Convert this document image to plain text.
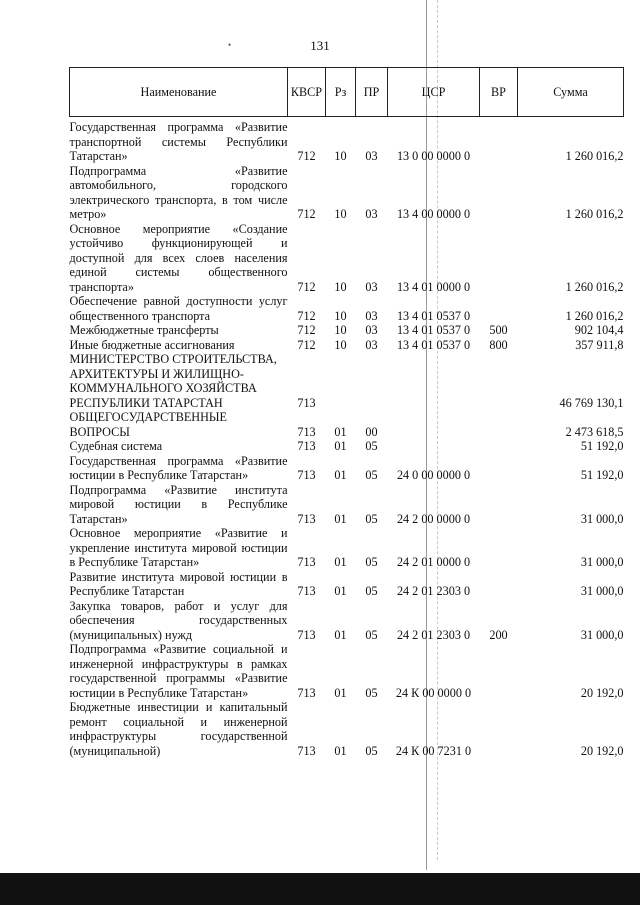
•	131
Наименование	КВСР	Рз	ПР	ЦСР	ВР	Сумма

Государственная программа «Развитие транспортной системы Республики Татарстан»	712	10	03	13 0 00 0000 0		1 260 016,2
Подпрограмма «Развитие автомобильного, городского электрического транспорта, в том числе метро»	712	10	03	13 4 00 0000 0		1 260 016,2
Основное мероприятие «Создание устойчиво функционирующей и доступной для всех слоев населения единой системы общественного транспорта»	712	10	03	13 4 01 0000 0		1 260 016,2
Обеспечение равной доступности услуг общественного транспорта	712	10	03	13 4 01 0537 0		1 260 016,2
Межбюджетные трансферты	712	10	03	13 4 01 0537 0	500	902 104,4
Иные бюджетные ассигнования	712	10	03	13 4 01 0537 0	800	357 911,8
МИНИСТЕРСТВО СТРОИТЕЛЬСТВА, АРХИТЕКТУРЫ И ЖИЛИЩНО-КОММУНАЛЬНОГО ХОЗЯЙСТВА РЕСПУБЛИКИ ТАТАРСТАН	713					46 769 130,1
ОБЩЕГОСУДАРСТВЕННЫЕ ВОПРОСЫ	713	01	00			2 473 618,5
Судебная система	713	01	05			51 192,0
Государственная программа «Развитие юстиции в Республике Татарстан»	713	01	05	24 0 00 0000 0		51 192,0
Подпрограмма «Развитие института мировой юстиции в Республике Татарстан»	713	01	05	24 2 00 0000 0		31 000,0
Основное мероприятие «Развитие и укрепление института мировой юстиции в Республике Татарстан»	713	01	05	24 2 01 0000 0		31 000,0
Развитие института мировой юстиции в Республике Татарстан	713	01	05	24 2 01 2303 0		31 000,0
Закупка товаров, работ и услуг для обеспечения государственных (муниципальных) нужд	713	01	05	24 2 01 2303 0	200	31 000,0
Подпрограмма «Развитие социальной и инженерной инфраструктуры в рамках государственной программы «Развитие юстиции в Республике Татарстан»	713	01	05	24 К 00 0000 0		20 192,0
Бюджетные инвестиции и капитальный ремонт социальной и инженерной инфраструктуры государственной (муниципальной)	713	01	05	24 К 00 7231 0		20 192,0
